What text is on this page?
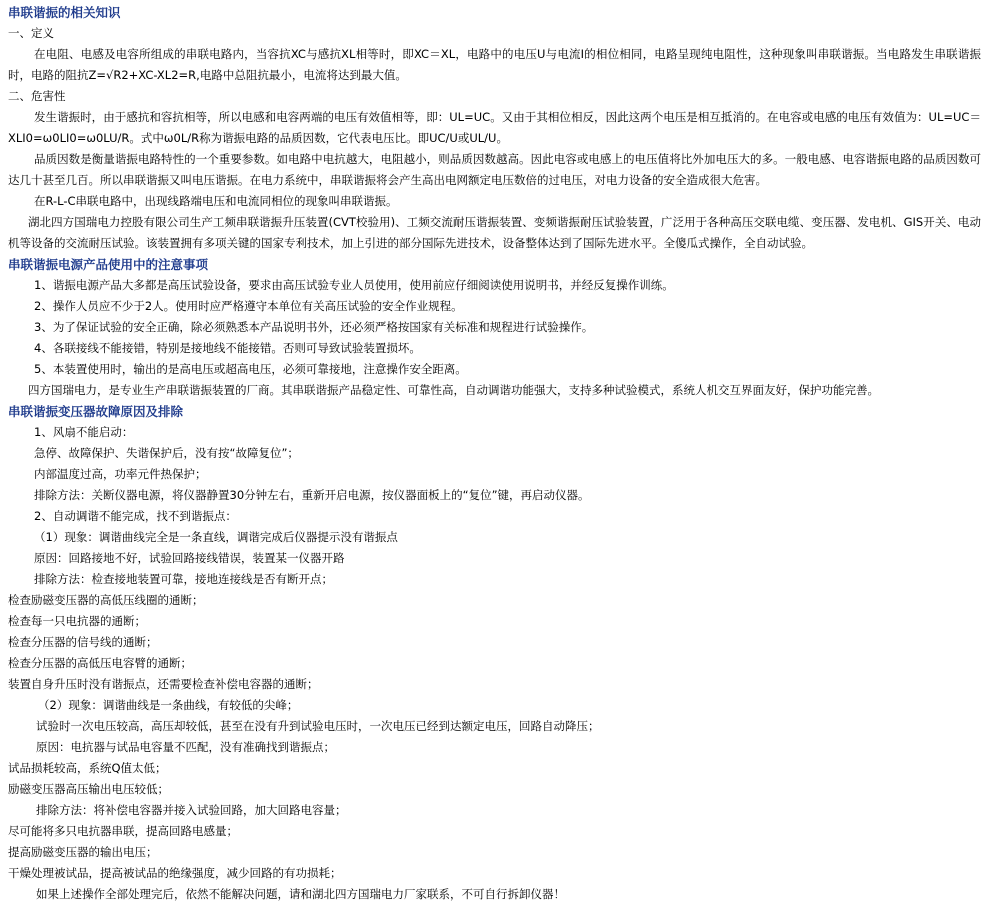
串联谐振的相关知识
一、定义
在电阻、电感及电容所组成的串联电路内，当容抗XC与感抗XL相等时，即XC＝XL，电路中的电压U与电流I的相位相同，电路呈现纯电阻性，这种现象叫串联谐振。当电路发生串联谐振时，电路的阻抗Z=√R2+XC-XL2=R,电路中总阻抗最小，电流将达到最大值。
二、危害性
发生谐振时，由于感抗和容抗相等，所以电感和电容两端的电压有效值相等，即：UL=UC。又由于其相位相反，因此这两个电压是相互抵消的。在电容或电感的电压有效值为：UL=UC＝XLI0=ω0LI0=ω0LU/R。式中ω0L/R称为谐振电路的品质因数，它代表电压比。即UC/U或UL/U。
品质因数是衡量谐振电路特性的一个重要参数。如电路中电抗越大，电阻越小，则品质因数越高。因此电容或电感上的电压值将比外加电压大的多。一般电感、电容谐振电路的品质因数可达几十甚至几百。所以串联谐振又叫电压谐振。在电力系统中，串联谐振将会产生高出电网额定电压数倍的过电压，对电力设备的安全造成很大危害。
在R-L-C串联电路中，出现线路端电压和电流同相位的现象叫串联谐振。
湖北四方国瑞电力控股有限公司生产工频串联谐振升压装置(CVT校验用)、工频交流耐压谐振装置、变频谐振耐压试验装置，广泛用于各种高压交联电缆、变压器、发电机、GIS开关、电动机等设备的交流耐压试验。该装置拥有多项关键的国家专利技术，加上引进的部分国际先进技术，设备整体达到了国际先进水平。全傻瓜式操作，全自动试验。
串联谐振电源产品使用中的注意事项
1、谐振电源产品大多都是高压试验设备，要求由高压试验专业人员使用，使用前应仔细阅读使用说明书，并经反复操作训练。
2、操作人员应不少于2人。使用时应严格遵守本单位有关高压试验的安全作业规程。
3、为了保证试验的安全正确，除必须熟悉本产品说明书外，还必须严格按国家有关标准和规程进行试验操作。
4、各联接线不能接错，特别是接地线不能接错。否则可导致试验装置损坏。
5、本装置使用时，输出的是高电压或超高电压，必须可靠接地，注意操作安全距离。
四方国瑞电力，是专业生产串联谐振装置的厂商。其串联谐振产品稳定性、可靠性高，自动调谐功能强大，支持多种试验模式，系统人机交互界面友好，保护功能完善。
串联谐振变压器故障原因及排除
1、风扇不能启动：
急停、故障保护、失谐保护后，没有按“故障复位”；
内部温度过高，功率元件热保护；
排除方法：关断仪器电源，将仪器静置30分钟左右，重新开启电源，按仪器面板上的“复位”键，再启动仪器。
2、自动调谐不能完成，找不到谐振点：
（1）现象：调谐曲线完全是一条直线，调谐完成后仪器提示没有谐振点
原因：回路接地不好，试验回路接线错误，装置某一仪器开路
排除方法：检查接地装置可靠，接地连接线是否有断开点；
检查励磁变压器的高低压线圈的通断；
检查每一只电抗器的通断；
检查分压器的信号线的通断；
检查分压器的高低压电容臂的通断；
装置自身升压时没有谐振点，还需要检查补偿电容器的通断；
（2）现象：调谐曲线是一条曲线，有较低的尖峰；
试验时一次电压较高，高压却较低，甚至在没有升到试验电压时，一次电压已经到达额定电压，回路自动降压；
原因：电抗器与试品电容量不匹配，没有准确找到谐振点；
试品损耗较高，系统Q值太低；
励磁变压器高压输出电压较低；
排除方法：将补偿电容器并接入试验回路，加大回路电容量；
尽可能将多只电抗器串联，提高回路电感量；
提高励磁变压器的输出电压；
干燥处理被试品，提高被试品的绝缘强度，减少回路的有功损耗；
如果上述操作全部处理完后，依然不能解决问题，请和湖北四方国瑞电力厂家联系，不可自行拆卸仪器！
